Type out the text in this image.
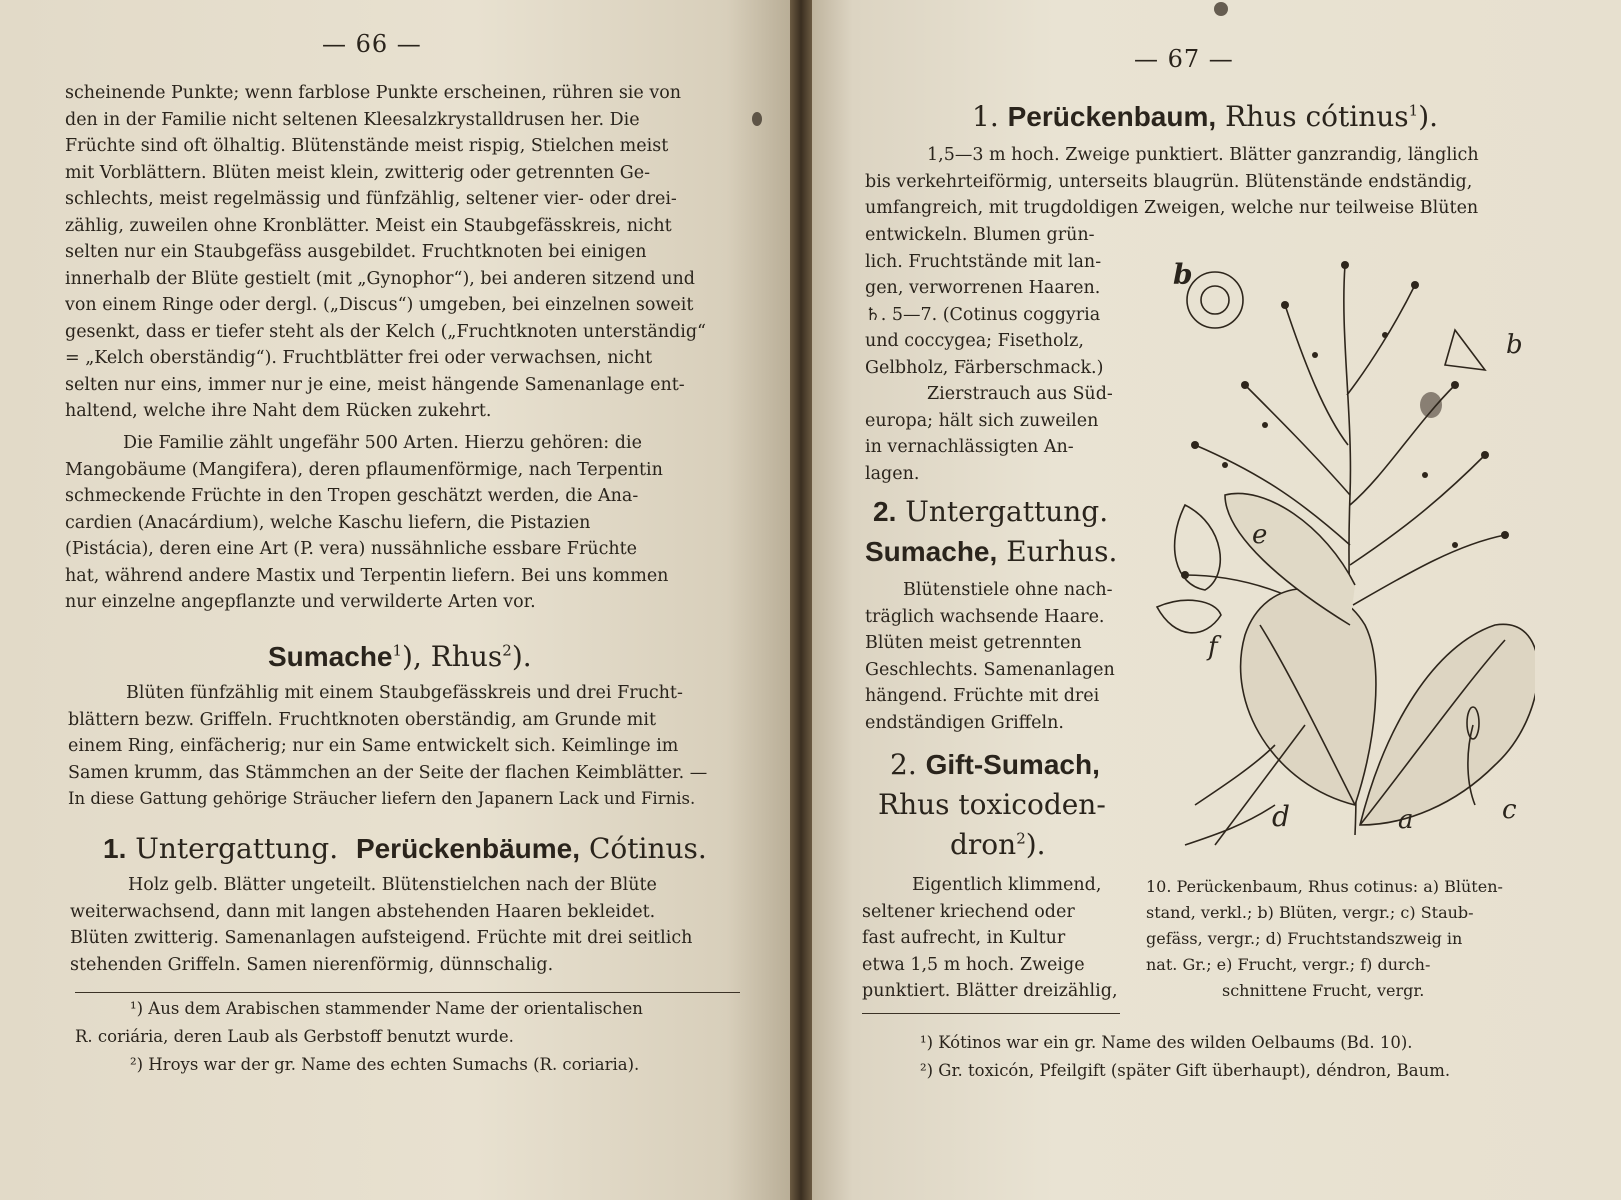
— 66 —
scheinende Punkte; wenn farblose Punkte erscheinen, rühren sie von
den in der Familie nicht seltenen Kleesalzkrystalldrusen her. Die
Früchte sind oft ölhaltig. Blütenstände meist rispig, Stielchen meist
mit Vorblättern. Blüten meist klein, zwitterig oder getrennten Ge-
schlechts, meist regelmässig und fünfzählig, seltener vier- oder drei-
zählig, zuweilen ohne Kronblätter. Meist ein Staubgefässkreis, nicht
selten nur ein Staubgefäss ausgebildet. Fruchtknoten bei einigen
innerhalb der Blüte gestielt (mit „Gynophor“), bei anderen sitzend und
von einem Ringe oder dergl. („Discus“) umgeben, bei einzelnen soweit
gesenkt, dass er tiefer steht als der Kelch („Fruchtknoten unterständig“
= „Kelch oberständig“). Fruchtblätter frei oder verwachsen, nicht
selten nur eins, immer nur je eine, meist hängende Samenanlage ent-
haltend, welche ihre Naht dem Rücken zukehrt.
Die Familie zählt ungefähr 500 Arten. Hierzu gehören: die
Mangobäume (Mangifera), deren pflaumenförmige, nach Terpentin
schmeckende Früchte in den Tropen geschätzt werden, die Ana-
cardien (Anacárdium), welche Kaschu liefern, die Pistazien
(Pistácia), deren eine Art (P. vera) nussähnliche essbare Früchte
hat, während andere Mastix und Terpentin liefern. Bei uns kommen
nur einzelne angepflanzte und verwilderte Arten vor.
Sumache$^1$), Rhus$^2$).
Blüten fünfzählig mit einem Staubgefässkreis und drei Frucht-
blättern bezw. Griffeln. Fruchtknoten oberständig, am Grunde mit
einem Ring, einfächerig; nur ein Same entwickelt sich. Keimlinge im
Samen krumm, das Stämmchen an der Seite der flachen Keimblätter. —
In diese Gattung gehörige Sträucher liefern den Japanern Lack und Firnis.
1. Untergattung. Perückenbäume, Cótinus.
Holz gelb. Blätter ungeteilt. Blütenstielchen nach der Blüte
weiterwachsend, dann mit langen abstehenden Haaren bekleidet.
Blüten zwitterig. Samenanlagen aufsteigend. Früchte mit drei seitlich
stehenden Griffeln. Samen nierenförmig, dünnschalig.
¹) Aus dem Arabischen stammender Name der orientalischen
R. coriária, deren Laub als Gerbstoff benutzt wurde.
²) Hroys war der gr. Name des echten Sumachs (R. coriaria).
— 67 —
1. Perückenbaum, Rhus cótinus$^1$).
1,5—3 m hoch. Zweige punktiert. Blätter ganzrandig, länglich
bis verkehrteiförmig, unterseits blaugrün. Blütenstände endständig,
umfangreich, mit trugdoldigen Zweigen, welche nur teilweise Blüten
entwickeln. Blumen grün-
lich. Fruchtstände mit lan-
gen, verworrenen Haaren.
♄. 5—7. (Cotinus coggyria
und coccygea; Fisetholz,
Gelbholz, Färberschmack.)
Zierstrauch aus Süd-
europa; hält sich zuweilen
in vernachlässigten An-
lagen.
2. Untergattung.
Sumache, Eurhus.
Blütenstiele ohne nach-
träglich wachsende Haare.
Blüten meist getrennten
Geschlechts. Samenanlagen
hängend. Früchte mit drei
endständigen Griffeln.
2. Gift-Sumach,
Rhus toxicoden-
dron$^2$).
Eigentlich klimmend,
seltener kriechend oder
fast aufrecht, in Kultur
etwa 1,5 m hoch. Zweige
punktiert. Blätter dreizählig,
b
b
e
f
d	a	c
10. Perückenbaum, Rhus cotinus: a) Blüten-
stand, verkl.; b) Blüten, vergr.; c) Staub-
gefäss, vergr.; d) Fruchtstandszweig in
nat. Gr.; e) Frucht, vergr.; f) durch-
schnittene Frucht, vergr.
¹) Kótinos war ein gr. Name des wilden Oelbaums (Bd. 10).
²) Gr. toxicón, Pfeilgift (später Gift überhaupt), déndron, Baum.
